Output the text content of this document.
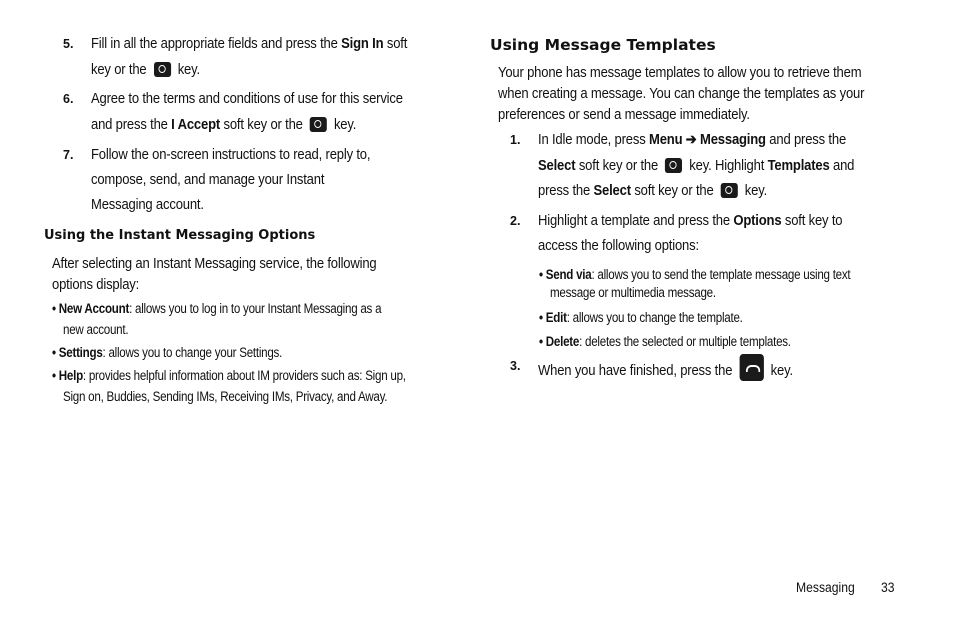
5. Fill in all the appropriate fields and press the Sign In soft
key or the  key.
6. Agree to the terms and conditions of use for this service
and press the I Accept soft key or the  key.
7. Follow the on-screen instructions to read, reply to,
compose, send, and manage your Instant
Messaging account.
Using the Instant Messaging Options
After selecting an Instant Messaging service, the following
options display:
• New Account: allows you to log in to your Instant Messaging as a
new account.
• Settings: allows you to change your Settings.
• Help: provides helpful information about IM providers such as: Sign up,
Sign on, Buddies, Sending IMs, Receiving IMs, Privacy, and Away.
Using Message Templates
Your phone has message templates to allow you to retrieve them
when creating a message. You can change the templates as your
preferences or send a message immediately.
1. In Idle mode, press Menu ➔ Messaging and press the
Select soft key or the  key. Highlight Templates and
press the Select soft key or the  key.
2. Highlight a template and press the Options soft key to
access the following options:
• Send via: allows you to send the template message using text
message or multimedia message.
• Edit: allows you to change the template.
• Delete: deletes the selected or multiple templates.
3. When you have finished, press the  key.
Messaging 33
